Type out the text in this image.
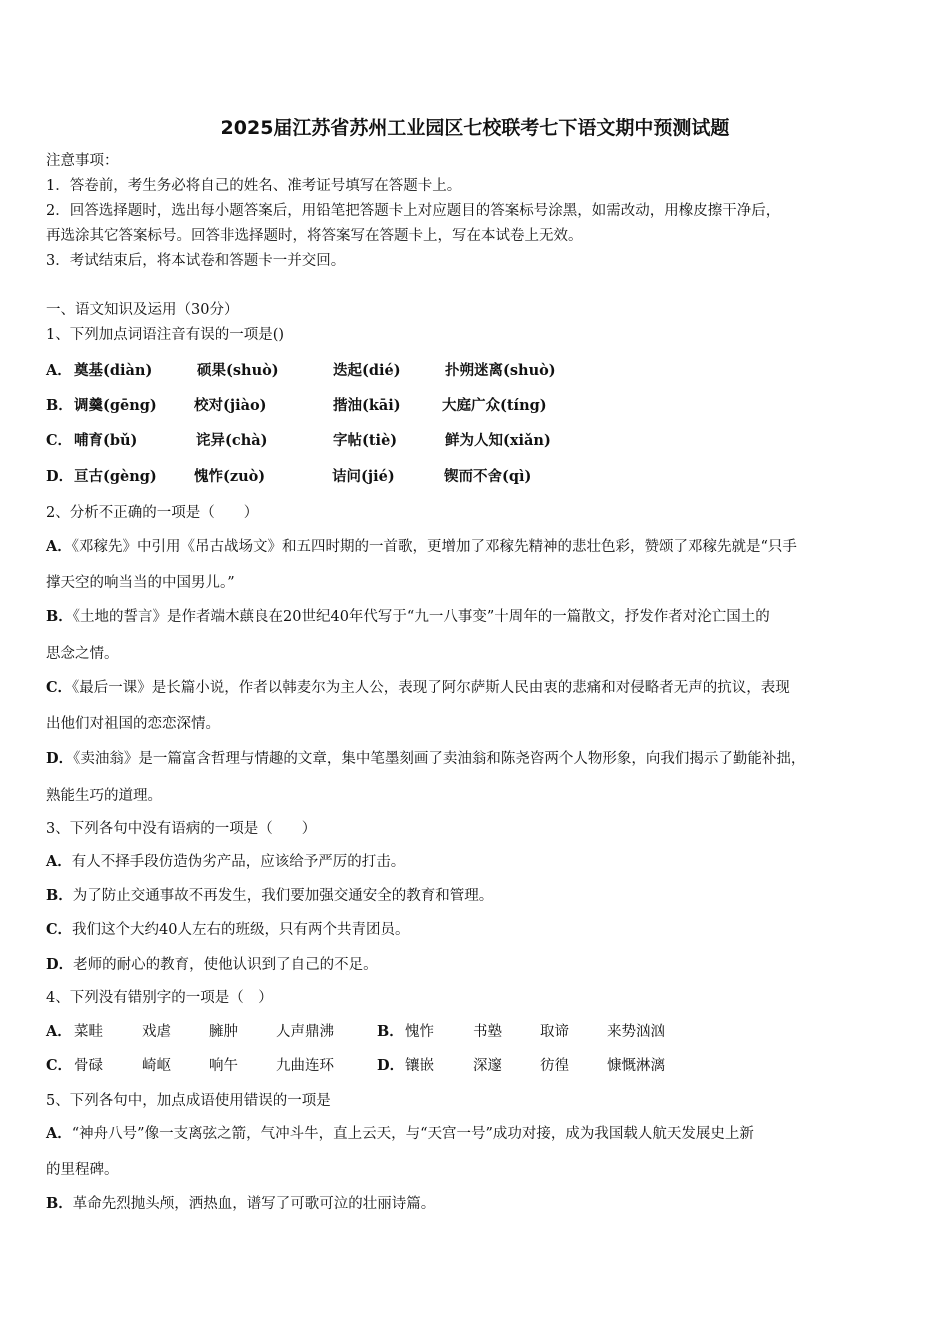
2025届江苏省苏州工业园区七校联考七下语文期中预测试题
注意事项：
1．答卷前，考生务必将自己的姓名、准考证号填写在答题卡上。
2．回答选择题时，选出每小题答案后，用铅笔把答题卡上对应题目的答案标号涂黑，如需改动，用橡皮擦干净后，
再选涂其它答案标号。回答非选择题时，将答案写在答题卡上，写在本试卷上无效。
3．考试结束后，将本试卷和答题卡一并交回。
一、语文知识及运用（30分）
1、下列加点词语注音有误的一项是()
A． 奠基(diàn)	硕果(shuò)	迭起(dié)	扑朔迷离(shuò)
B． 调羹(gēng)	校对(jiào)	揩油(kāi)	大庭广众(tíng)
C． 哺育(bǔ)	诧异(chà)	字帖(tiè)	鲜为人知(xiǎn)
D． 亘古(gèng)	愧怍(zuò)	诘问(jié)	锲而不舍(qì)
2、分析不正确的一项是（　　）
A．《邓稼先》中引用《吊古战场文》和五四时期的一首歌，更增加了邓稼先精神的悲壮色彩，赞颂了邓稼先就是“只手
撑天空的响当当的中国男儿。”
B．《土地的誓言》是作者端木蕻良在20世纪40年代写于“九一八事变”十周年的一篇散文，抒发作者对沦亡国土的
思念之情。
C．《最后一课》是长篇小说，作者以韩麦尔为主人公，表现了阿尔萨斯人民由衷的悲痛和对侵略者无声的抗议，表现
出他们对祖国的恋恋深情。
D．《卖油翁》是一篇富含哲理与情趣的文章，集中笔墨刻画了卖油翁和陈尧咨两个人物形象，向我们揭示了勤能补拙，
熟能生巧的道理。
3、下列各句中没有语病的一项是（　　）
A．有人不择手段仿造伪劣产品，应该给予严厉的打击。
B．为了防止交通事故不再发生，我们要加强交通安全的教育和管理。
C．我们这个大约40人左右的班级，只有两个共青团员。
D．老师的耐心的教育，使他认识到了自己的不足。
4、下列没有错别字的一项是（　）
A． 菜畦	戏虐	臃肿	人声鼎沸	B． 愧怍	书塾	取谛	来势汹汹
C． 骨碌	崎岖	响午	九曲连环	D． 镶嵌	深邃	彷徨	慷慨淋漓
5、下列各句中，加点成语使用错误的一项是
A．“神舟八号”像一支离弦之箭，气冲斗牛，直上云天，与“天宫一号”成功对接，成为我国载人航天发展史上新
的里程碑。
B．革命先烈抛头颅，洒热血，谱写了可歌可泣的壮丽诗篇。
